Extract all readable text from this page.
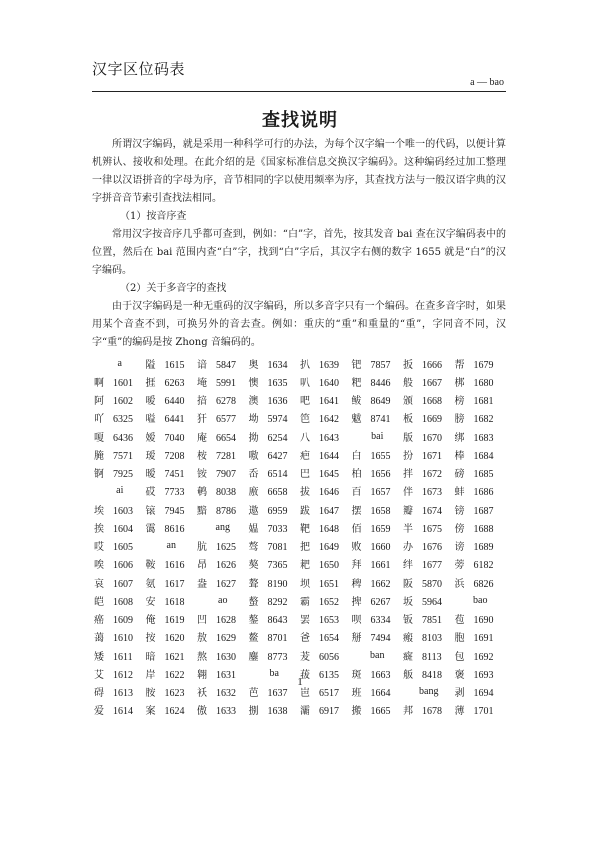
汉字区位码表
a — bao
查找说明

所谓汉字编码，就是采用一种科学可行的办法，为每个汉字编一个唯一的代码，以便计算机辨认、接收和处理。在此介绍的是《国家标准信息交换汉字编码》。这种编码经过加工整理一律以汉语拼音的字母为序，音节相同的字以使用频率为序，其查找方法与一般汉语字典的汉字拼音音节索引查找法相同。

（1）按音序查

常用汉字按音序几乎都可查到，例如：“白”字，首先，按其发音 bai 查在汉字编码表中的位置，然后在 bai 范围内查“白”字，找到“白”字后，其汉字右侧的数字 1655 就是“白”的汉字编码。

（2）关于多音字的查找

由于汉字编码是一种无重码的汉字编码，所以多音字只有一个编码。在查多音字时，如果用某个音查不到，可换另外的音去查。例如：重庆的“重”和重量的“重”，字同音不同，汉字“重”的编码是按 Zhong 音编码的。

a	隘 1615	谙 5847	奥 1634	扒 1639	钯 7857	扳 1666	帮 1679
啊 1601	捱 6263	埯 5991	懊 1635	叭 1640	粑 8446	般 1667	梆 1680
阿 1602	嗳 6440	揞 6278	澳 1636	吧 1641	鲅 8649	颁 1668	榜 1681
吖 6325	嗌 6441	犴 6577	坳 5974	笆 1642	魃 8741	板 1669	膀 1682
嗄 6436	嫒 7040	庵 6654	拗 6254	八 1643	bai	版 1670	绑 1683
腌 7571	瑷 7208	桉 7281	嗷 6427	疤 1644	白 1655	扮 1671	棒 1684
锕 7925	暧 7451	铵 7907	岙 6514	巴 1645	柏 1656	拌 1672	磅 1685
ai	砹 7733	鹌 8038	廒 6658	拔 1646	百 1657	伴 1673	蚌 1686
埃 1603	锿 7945	黯 8786	遨 6959	跋 1647	摆 1658	瓣 1674	镑 1687
挨 1604	霭 8616	ang	媪 7033	靶 1648	佰 1659	半 1675	傍 1688
哎 1605	an	肮 1625	骜 7081	把 1649	败 1660	办 1676	谤 1689
唉 1606	鞍 1616	昂 1626	獒 7365	耙 1650	拜 1661	绊 1677	蒡 6182
哀 1607	氨 1617	盎 1627	聱 8190	坝 1651	稗 1662	阪 5870	浜 6826
皑 1608	安 1618	ao	螯 8292	霸 1652	捭 6267	坂 5964	bao
癌 1609	俺 1619	凹 1628	鏊 8643	罢 1653	呗 6334	钣 7851	苞 1690
蔼 1610	按 1620	敖 1629	鳌 8701	爸 1654	掰 7494	瘢 8103	胞 1691
矮 1611	暗 1621	熬 1630	鏖 8773	茇 6056	ban	癍 8113	包 1692
艾 1612	岸 1622	翱 1631	ba	菝 6135	斑 1663	舨 8418	褒 1693
碍 1613	胺 1623	袄 1632	芭 1637	岜 6517	班 1664	bang	剥 1694
爱 1614	案 1624	傲 1633	捌 1638	灞 6917	搬 1665	邦 1678	薄 1701
1
